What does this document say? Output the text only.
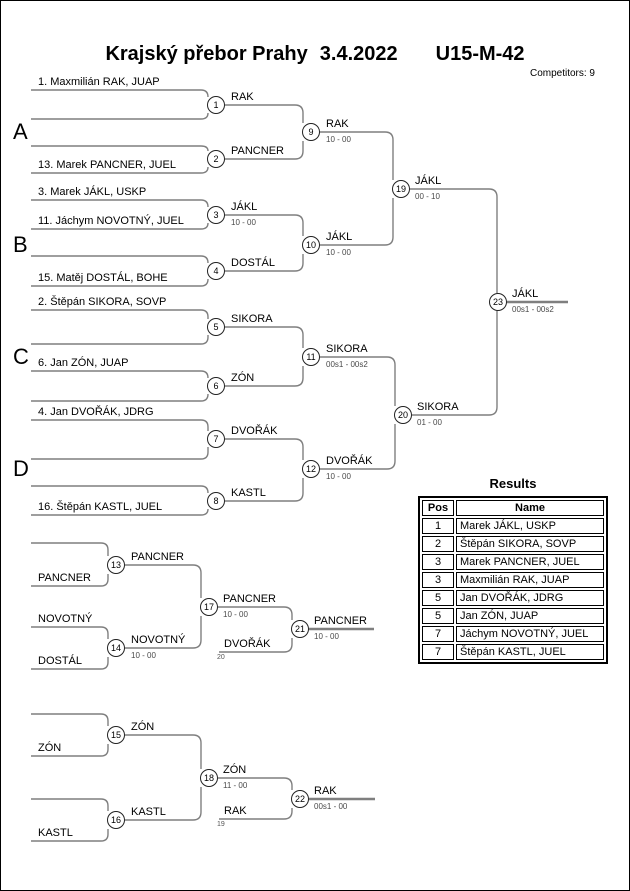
Krajský přebor Prahy 3.4.2022 U15-M-42
Competitors: 9
A
B
C
D
1. Maxmilián RAK, JUAP
13. Marek PANCNER, JUEL
3. Marek JÁKL, USKP
11. Jáchym NOVOTNÝ, JUEL
15. Matěj DOSTÁL, BOHE
2. Štěpán SIKORA, SOVP
6. Jan ZÓN, JUAP
4. Jan DVOŘÁK, JDRG
16. Štěpán KASTL, JUEL
RAK
PANCNER
JÁKL
10 - 00
DOSTÁL
SIKORA
ZÓN
DVOŘÁK
KASTL
RAK
10 - 00
JÁKL
10 - 00
SIKORA
00s1 - 00s2
DVOŘÁK
10 - 00
JÁKL
00 - 10
SIKORA
01 - 00
JÁKL
00s1 - 00s2
PANCNER
NOVOTNÝ
DOSTÁL
ZÓN
KASTL
PANCNER
NOVOTNÝ
10 - 00
PANCNER
10 - 00
PANCNER
10 - 00
ZÓN
KASTL
ZÓN
11 - 00	RAK
00s1 - 00
DVOŘÁK
20
RAK
19
1
2
3
4
5
6
7
8
9
10
11
12
19
20
23
13
14
17
21
15
16
18
22
Results
Pos	Name
1	Marek JÁKL, USKP
2	Štěpán SIKORA, SOVP
3	Marek PANCNER, JUEL
3	Maxmilián RAK, JUAP
5	Jan DVOŘÁK, JDRG
5	Jan ZÓN, JUAP
7	Jáchym NOVOTNÝ, JUEL
7	Štěpán KASTL, JUEL
